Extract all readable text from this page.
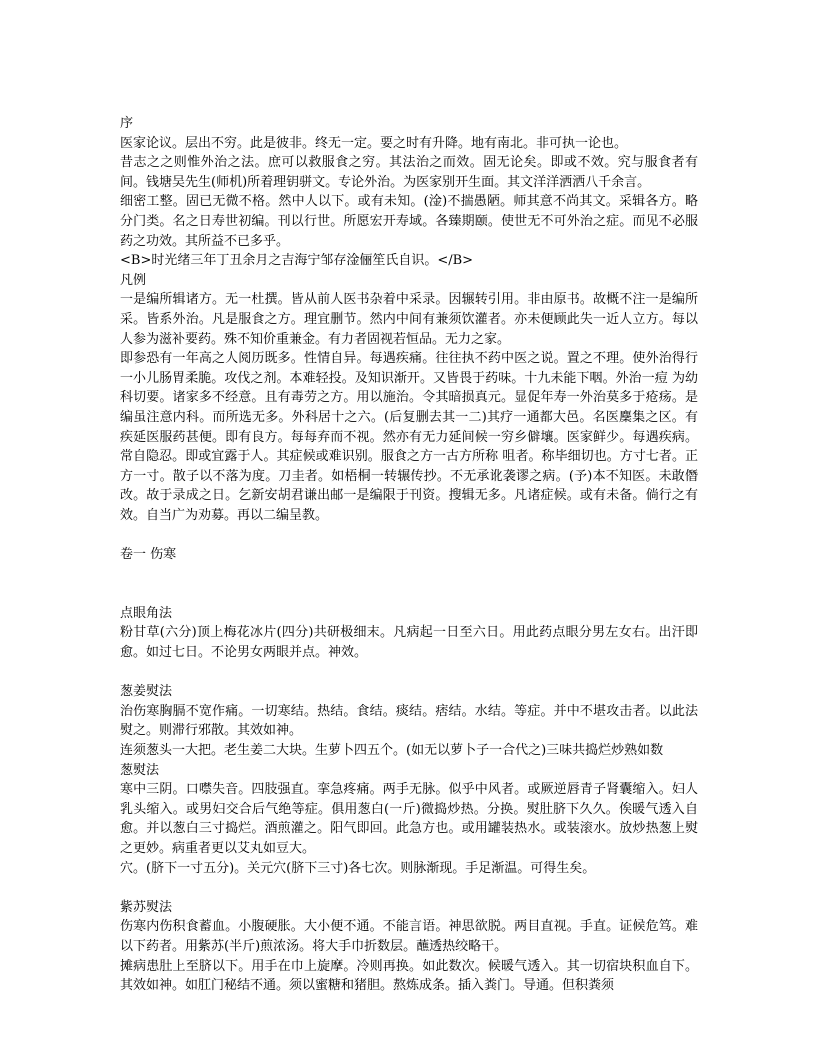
序

医家论议。层出不穷。此是彼非。终无一定。要之时有升降。地有南北。非可执一论也。

昔志之之则惟外治之法。庶可以救服食之穷。其法治之而效。固无论矣。即或不效。究与服食者有间。钱塘吴先生(师机)所着理钥骈文。专论外治。为医家别开生面。其文洋洋洒洒八千余言。

细密工整。固已无微不格。然中人以下。或有未知。(淦)不揣愚陋。师其意不尚其文。采辑各方。略分门类。名之日寿世初编。刊以行世。所愿宏开寿域。各臻期颐。使世无不可外治之症。而见不必服药之功效。其所益不已多乎。

<B>时光绪三年丁丑余月之吉海宁邹存淦俪笙氏自识。</B>

凡例

一是编所辑诸方。无一杜撰。皆从前人医书杂着中采录。因辗转引用。非由原书。故概不注一是编所采。皆系外治。凡是服食之方。理宜删节。然内中间有兼须饮灌者。亦未便顾此失一近人立方。每以人参为滋补要药。殊不知价重兼金。有力者固视若恒品。无力之家。

即参恐有一年高之人阅历既多。性情自异。每遇疾痛。往往执不药中医之说。置之不理。使外治得行一小儿肠胃柔脆。攻伐之剂。本难轻投。及知识渐开。又皆畏于药味。十九未能下咽。外治一痘 为幼科切要。诸家多不经意。且有毒劳之方。用以施治。令其暗损真元。显促年寿一外治莫多于疮疡。是编虽注意内科。而所选无多。外科居十之六。(后复删去其一二)其疗一通都大邑。名医麇集之区。有疾延医服药甚便。即有良方。每每弃而不视。然亦有无力延间候一穷乡僻壤。医家鲜少。每遇疾病。常自隐忍。即或宜露于人。其症候或难识别。服食之方一古方所称 咀者。称毕细切也。方寸七者。正方一寸。散子以不落为度。刀圭者。如梧桐一转辗传抄。不无承讹袭谬之病。(予)本不知医。未敢僭改。故于录成之日。乞新安胡君谦出邮一是编限于刊资。搜辑无多。凡诸症候。或有未备。倘行之有效。自当广为劝募。再以二编呈教。

卷一 伤寒

点眼角法

粉甘草(六分)顶上梅花冰片(四分)共研极细末。凡病起一日至六日。用此药点眼分男左女右。出汗即愈。如过七日。不论男女两眼并点。神效。

葱姜熨法

治伤寒胸膈不宽作痛。一切寒结。热结。食结。痰结。痞结。水结。等症。并中不堪攻击者。以此法熨之。则滞行邪散。其效如神。

连须葱头一大把。老生姜二大块。生萝卜四五个。(如无以萝卜子一合代之)三味共捣烂炒熟如数

葱熨法

寒中三阴。口噤失音。四肢强直。挛急疼痛。两手无脉。似乎中风者。或厥逆唇青子肾囊缩入。妇人乳头缩入。或男妇交合后气绝等症。俱用葱白(一斤)微捣炒热。分换。熨肚脐下久久。俟暖气透入自愈。并以葱白三寸捣烂。酒煎灌之。阳气即回。此急方也。或用罐装热水。或装滚水。放炒热葱上熨之更妙。病重者更以艾丸如豆大。

穴。(脐下一寸五分)。关元穴(脐下三寸)各七次。则脉渐现。手足渐温。可得生矣。

紫苏熨法

伤寒内伤积食蓄血。小腹硬胀。大小便不通。不能言语。神思欲脱。两目直视。手直。证候危笃。难以下药者。用紫苏(半斤)煎浓汤。将大手巾折数层。蘸透热绞略干。

摊病患肚上至脐以下。用手在巾上旋摩。冷则再换。如此数次。候暖气透入。其一切宿块积血自下。其效如神。如肛门秘结不通。须以蜜糖和猪胆。熬炼成条。插入粪门。导通。但积粪须
